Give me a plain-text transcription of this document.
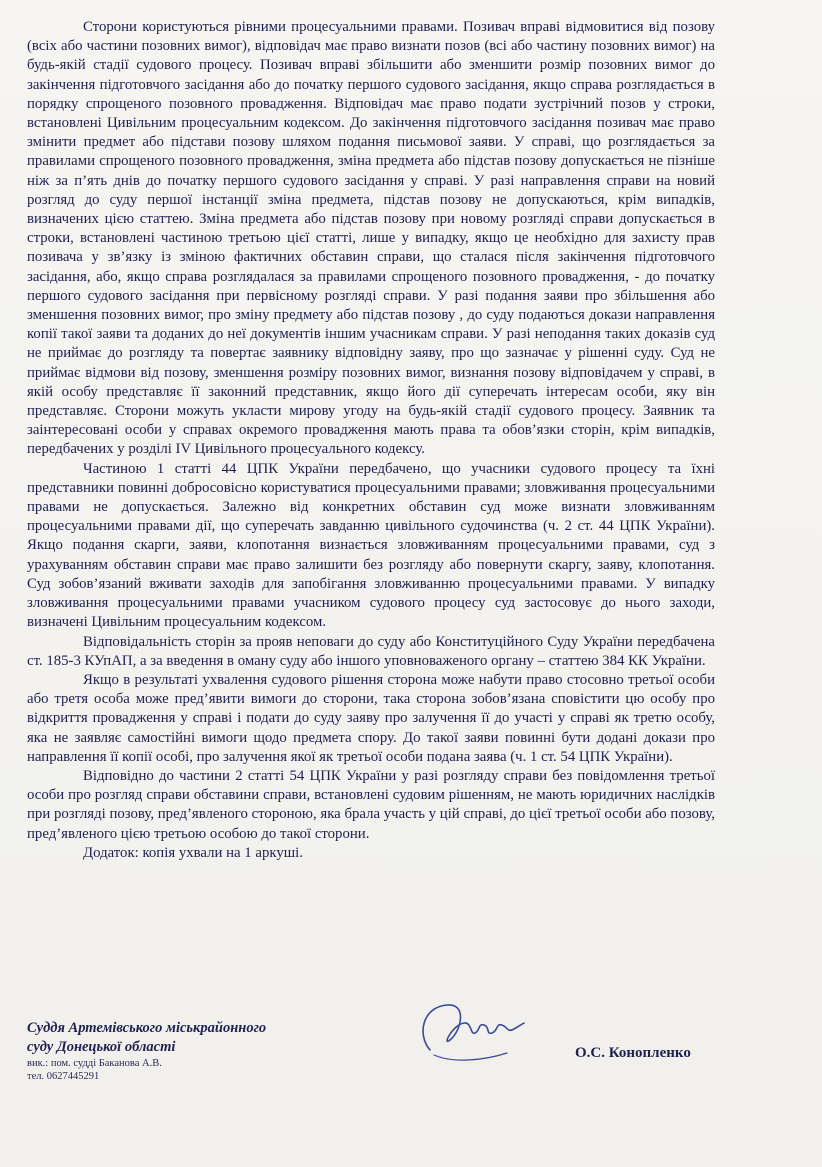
Сторони користуються рівними процесуальними правами. Позивач вправі відмовитися від позову (всіх або частини позовних вимог), відповідач має право визнати позов (всі або частину позовних вимог) на будь-якій стадії судового процесу. Позивач вправі збільшити або зменшити розмір позовних вимог до закінчення підготовчого засідання або до початку першого судового засідання, якщо справа розглядається в порядку спрощеного позовного провадження. Відповідач має право подати зустрічний позов у строки, встановлені Цивільним процесуальним кодексом. До закінчення підготовчого засідання позивач має право змінити предмет або підстави позову шляхом подання письмової заяви. У справі, що розглядається за правилами спрощеного позовного провадження, зміна предмета або підстав позову допускається не пізніше ніж за п’ять днів до початку першого судового засідання у справі. У разі направлення справи на новий розгляд до суду першої інстанції зміна предмета, підстав позову не допускаються, крім випадків, визначених цією статтею. Зміна предмета або підстав позову при новому розгляді справи допускається в строки, встановлені частиною третьою цієї статті, лише у випадку, якщо це необхідно для захисту прав позивача у зв’язку із зміною фактичних обставин справи, що сталася після закінчення підготовчого засідання, або, якщо справа розглядалася за правилами спрощеного позовного провадження, - до початку першого судового засідання при первісному розгляді справи. У разі подання заяви про збільшення або зменшення позовних вимог, про зміну предмету або підстав позову , до суду подаються докази направлення копії такої заяви та доданих до неї документів іншим учасникам справи. У разі неподання таких доказів суд не приймає до розгляду та повертає заявнику відповідну заяву, про що зазначає у рішенні суду. Суд не приймає відмови від позову, зменшення розміру позовних вимог, визнання позову відповідачем у справі, в якій особу представляє її законний представник, якщо його дії суперечать інтересам особи, яку він представляє. Сторони можуть укласти мирову угоду на будь-якій стадії судового процесу. Заявник та заінтересовані особи у справах окремого провадження мають права та обов’язки сторін, крім випадків, передбачених у розділі IV Цивільного процесуального кодексу.

Частиною 1 статті 44 ЦПК України передбачено, що учасники судового процесу та їхні представники повинні добросовісно користуватися процесуальними правами; зловживання процесуальними правами не допускається. Залежно від конкретних обставин суд може визнати зловживанням процесуальними правами дії, що суперечать завданню цивільного судочинства (ч. 2 ст. 44 ЦПК України). Якщо подання скарги, заяви, клопотання визнається зловживанням процесуальними правами, суд з урахуванням обставин справи має право залишити без розгляду або повернути скаргу, заяву, клопотання. Суд зобов’язаний вживати заходів для запобігання зловживанню процесуальними правами. У випадку зловживання процесуальними правами учасником судового процесу суд застосовує до нього заходи, визначені Цивільним процесуальним кодексом.

Відповідальність сторін за прояв неповаги до суду або Конституційного Суду України передбачена ст. 185-3 КУпАП, а за введення в оману суду або іншого уповноваженого органу – статтею 384 КК України.

Якщо в результаті ухвалення судового рішення сторона може набути право стосовно третьої особи або третя особа може пред’явити вимоги до сторони, така сторона зобов’язана сповістити цю особу про відкриття провадження у справі і подати до суду заяву про залучення її до участі у справі як третю особу, яка не заявляє самостійні вимоги щодо предмета спору. До такої заяви повинні бути додані докази про направлення її копії особі, про залучення якої як третьої особи подана заява (ч. 1 ст. 54 ЦПК України).

Відповідно до частини 2 статті 54 ЦПК України у разі розгляду справи без повідомлення третьої особи про розгляд справи обставини справи, встановлені судовим рішенням, не мають юридичних наслідків при розгляді позову, пред’явленого стороною, яка брала участь у цій справі, до цієї третьої особи або позову, пред’явленого цією третьою особою до такої сторони.

Додаток: копія ухвали на 1 аркуші.

Суддя Артемівського міськрайонного
суду Донецької області
вик.: пом. судді Баканова А.В.
тел. 0627445291
О.С. Конопленко
